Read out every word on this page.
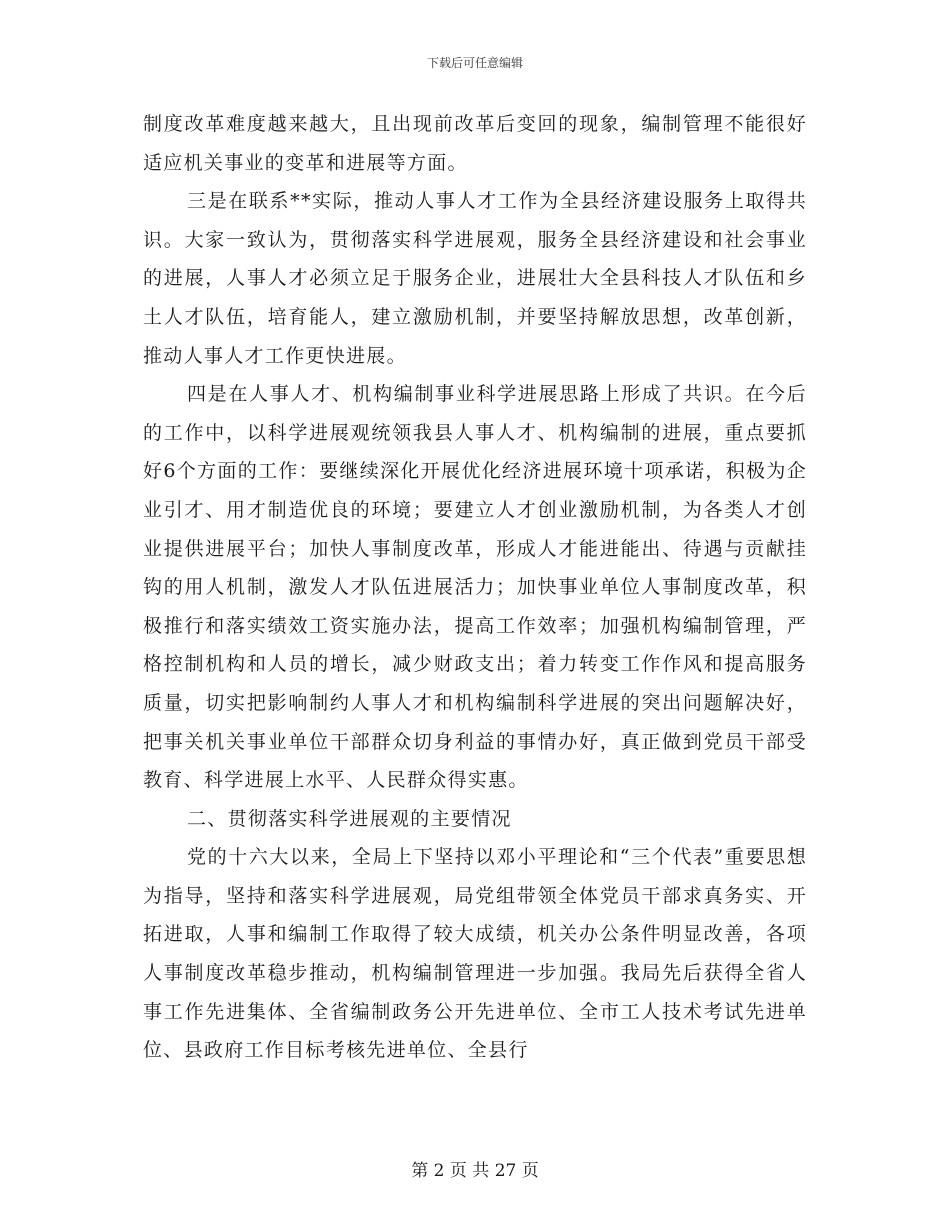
下载后可任意编辑

制度改革难度越来越大，且出现前改革后变回的现象，编制管理不能很好适应机关事业的变革和进展等方面。

三是在联系**实际，推动人事人才工作为全县经济建设服务上取得共识。大家一致认为，贯彻落实科学进展观，服务全县经济建设和社会事业的进展，人事人才必须立足于服务企业，进展壮大全县科技人才队伍和乡土人才队伍，培育能人，建立激励机制，并要坚持解放思想，改革创新，推动人事人才工作更快进展。

四是在人事人才、机构编制事业科学进展思路上形成了共识。在今后的工作中，以科学进展观统领我县人事人才、机构编制的进展，重点要抓好6个方面的工作：要继续深化开展优化经济进展环境十项承诺，积极为企业引才、用才制造优良的环境；要建立人才创业激励机制，为各类人才创业提供进展平台；加快人事制度改革，形成人才能进能出、待遇与贡献挂钩的用人机制，激发人才队伍进展活力；加快事业单位人事制度改革，积极推行和落实绩效工资实施办法，提高工作效率；加强机构编制管理，严格控制机构和人员的增长，减少财政支出；着力转变工作作风和提高服务质量，切实把影响制约人事人才和机构编制科学进展的突出问题解决好，把事关机关事业单位干部群众切身利益的事情办好，真正做到党员干部受教育、科学进展上水平、人民群众得实惠。

二、贯彻落实科学进展观的主要情况

党的十六大以来，全局上下坚持以邓小平理论和“三个代表”重要思想为指导，坚持和落实科学进展观，局党组带领全体党员干部求真务实、开拓进取，人事和编制工作取得了较大成绩，机关办公条件明显改善，各项人事制度改革稳步推动，机构编制管理进一步加强。我局先后获得全省人事工作先进集体、全省编制政务公开先进单位、全市工人技术考试先进单位、县政府工作目标考核先进单位、全县行

第 2 页 共 27 页
